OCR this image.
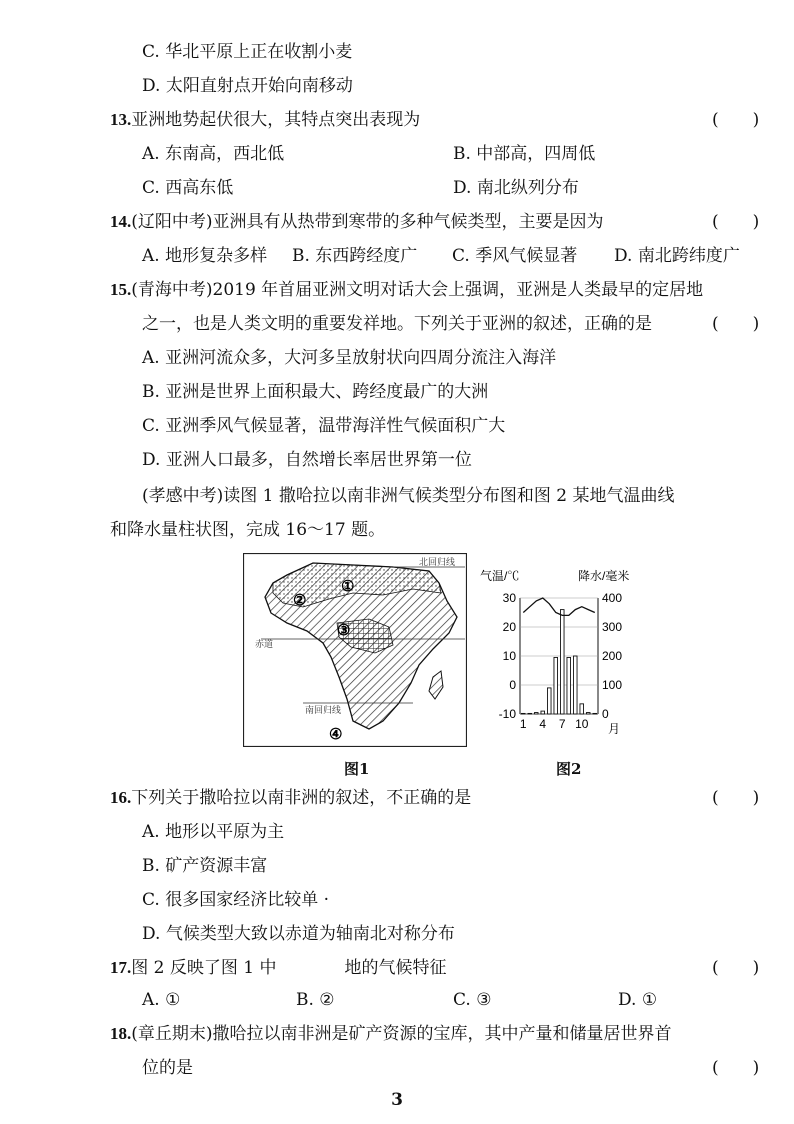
C. 华北平原上正在收割小麦
D. 太阳直射点开始向南移动
13.亚洲地势起伏很大，其特点突出表现为	(　　)
A. 东南高，西北低	B. 中部高，四周低
C. 西高东低	D. 南北纵列分布
14.(辽阳中考)亚洲具有从热带到寒带的多种气候类型，主要是因为	(　　)
A. 地形复杂多样 B. 东西跨经度广 C. 季风气候显著 D. 南北跨纬度广
15.(青海中考)2019 年首届亚洲文明对话大会上强调，亚洲是人类最早的定居地
之一，也是人类文明的重要发祥地。下列关于亚洲的叙述，正确的是	(　　)
A. 亚洲河流众多，大河多呈放射状向四周分流注入海洋
B. 亚洲是世界上面积最大、跨经度最广的大洲
C. 亚洲季风气候显著，温带海洋性气候面积广大
D. 亚洲人口最多，自然增长率居世界第一位
(孝感中考)读图 1 撒哈拉以南非洲气候类型分布图和图 2 某地气温曲线
和降水量柱状图，完成 16～17 题。
北回归线
赤道
南回归线
①
②
③
④
图1
气温/℃	降水/毫米
30
20
10
0
-10
400
300
200
100
0
1 4 7 10 月
图2
16.下列关于撒哈拉以南非洲的叙述，不正确的是	(　　)
A. 地形以平原为主
B. 矿产资源丰富
C. 很多国家经济比较单 ·
D. 气候类型大致以赤道为轴南北对称分布
17.图 2 反映了图 1 中　　　　地的气候特征	(　　)
A. ①	B. ②	C. ③	D. ①
18.(章丘期末)撒哈拉以南非洲是矿产资源的宝库，其中产量和储量居世界首
位的是	(　　)
3
